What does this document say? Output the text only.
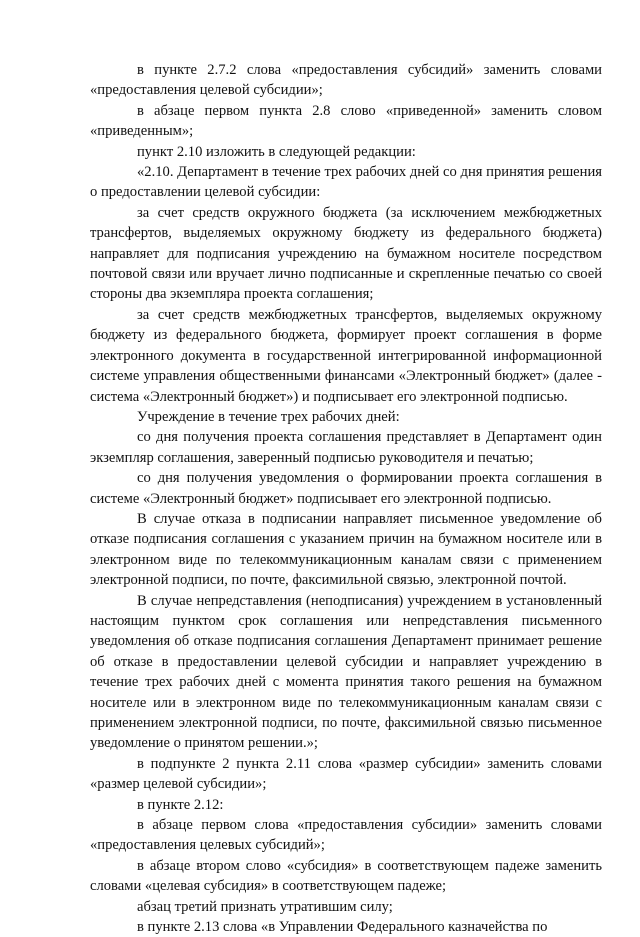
в пункте 2.7.2 слова «предоставления субсидий» заменить словами «предоставления целевой субсидии»;

в абзаце первом пункта 2.8 слово «приведенной» заменить словом «приведенным»;

пункт 2.10 изложить в следующей редакции:

«2.10. Департамент в течение трех рабочих дней со дня принятия решения о предоставлении целевой субсидии:

за счет средств окружного бюджета (за исключением межбюджетных трансфертов, выделяемых окружному бюджету из федерального бюджета) направляет для подписания учреждению на бумажном носителе посредством почтовой связи или вручает лично подписанные и скрепленные печатью со своей стороны два экземпляра проекта соглашения;

за счет средств межбюджетных трансфертов, выделяемых окружному бюджету из федерального бюджета, формирует проект соглашения в форме электронного документа в государственной интегрированной информационной системе управления общественными финансами «Электронный бюджет» (далее - система «Электронный бюджет») и подписывает его электронной подписью.

Учреждение в течение трех рабочих дней:

со дня получения проекта соглашения представляет в Департамент один экземпляр соглашения, заверенный подписью руководителя и печатью;

со дня получения уведомления о формировании проекта соглашения в системе «Электронный бюджет» подписывает его электронной подписью.

В случае отказа в подписании направляет письменное уведомление об отказе подписания соглашения с указанием причин на бумажном носителе или в электронном виде по телекоммуникационным каналам связи с применением электронной подписи, по почте, факсимильной связью, электронной почтой.

В случае непредставления (неподписания) учреждением в установленный настоящим пунктом срок соглашения или непредставления письменного уведомления об отказе подписания соглашения Департамент принимает решение об отказе в предоставлении целевой субсидии и направляет учреждению в течение трех рабочих дней с момента принятия такого решения на бумажном носителе или в электронном виде по телекоммуникационным каналам связи с применением электронной подписи, по почте, факсимильной связью письменное уведомление о принятом решении.»;

в подпункте 2 пункта 2.11 слова «размер субсидии» заменить словами «размер целевой субсидии»;

в пункте 2.12:

в абзаце первом слова «предоставления субсидии» заменить словами «предоставления целевых субсидий»;

в абзаце втором слово «субсидия» в соответствующем падеже заменить словами «целевая субсидия» в соответствующем падеже;

абзац третий признать утратившим силу;

в пункте 2.13 слова «в Управлении Федерального казначейства по
